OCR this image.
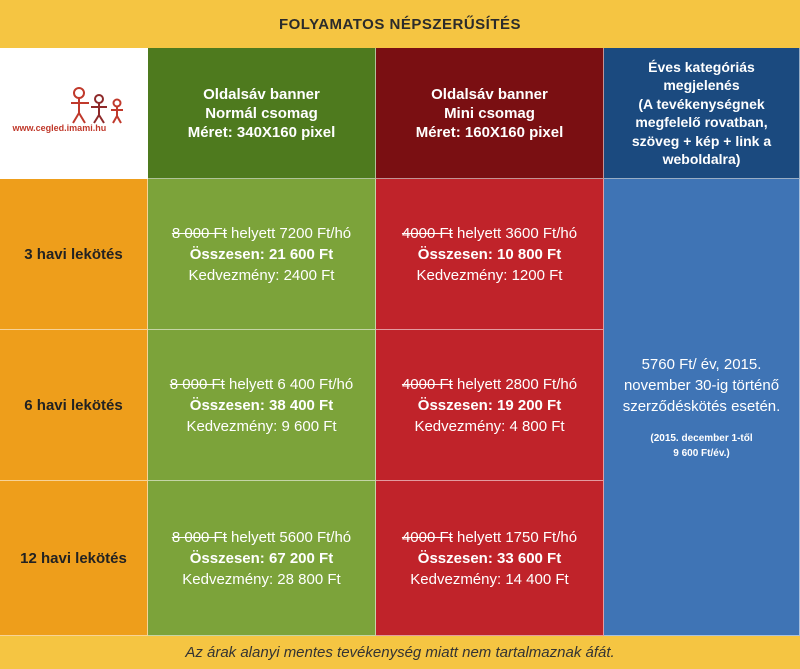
FOLYAMATOS NÉPSZERŰSÍTÉS
www.cegled.imami.hu
Oldalsáv banner
Normál csomag
Méret: 340X160 pixel
Oldalsáv banner
Mini csomag
Méret: 160X160 pixel
Éves kategóriás
megjelenés
(A tevékenységnek
megfelelő rovatban,
szöveg + kép + link a
weboldalra)
3 havi lekötés
8 000 Ft helyett 7200 Ft/hó
Összesen: 21 600 Ft
Kedvezmény: 2400 Ft
4000 Ft helyett 3600 Ft/hó
Összesen: 10 800 Ft
Kedvezmény: 1200 Ft
5760 Ft/ év, 2015.
november 30-ig történő
szerződéskötés esetén.
(2015. december 1-től
9 600 Ft/év.)
6 havi lekötés
8 000 Ft helyett 6 400 Ft/hó
Összesen: 38 400 Ft
Kedvezmény: 9 600 Ft
4000 Ft helyett 2800 Ft/hó
Összesen: 19 200 Ft
Kedvezmény: 4 800 Ft
12 havi lekötés
8 000 Ft helyett 5600 Ft/hó
Összesen: 67 200 Ft
Kedvezmény: 28 800 Ft
4000 Ft helyett 1750 Ft/hó
Összesen: 33 600 Ft
Kedvezmény: 14 400 Ft
Az árak alanyi mentes tevékenység miatt nem tartalmaznak áfát.
